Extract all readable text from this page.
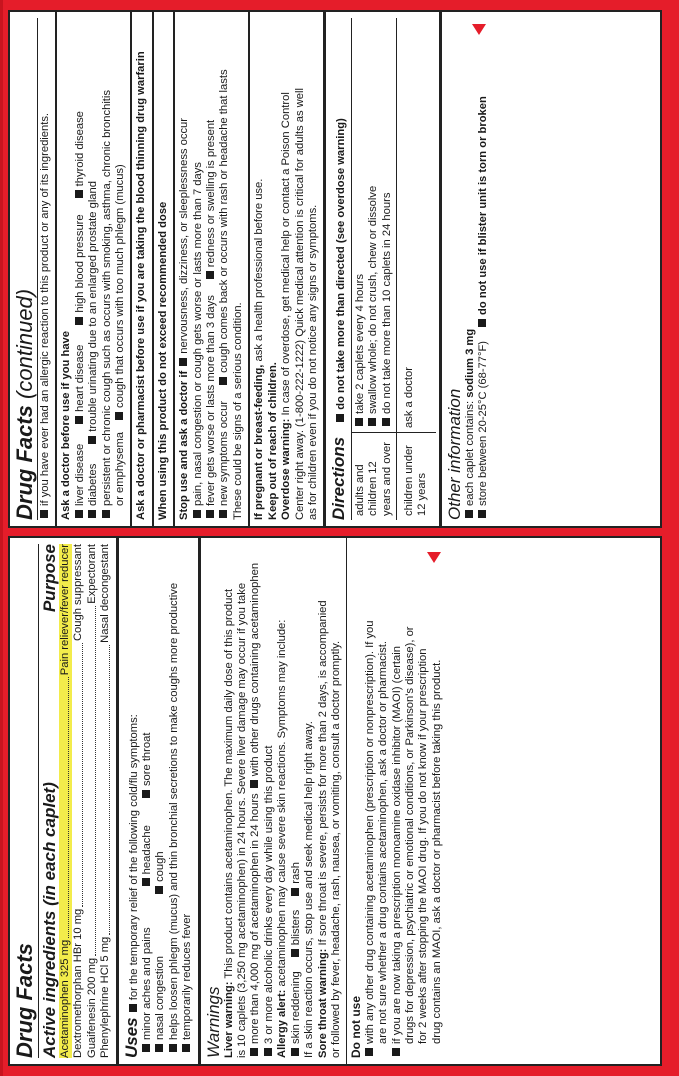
Drug Facts Active ingredients (in each caplet)
Purpose
Acetaminophen 325 mg
Pain reliever/fever reducer
Dextromethorphan HBr 10 mg
Cough suppressant
Guaifenesin 200 mg
Expectorant
Phenylephrine HCl 5 mg
Nasal decongestant
Uses for the temporary relief of the following cold/flu symptoms: minor aches and pains headache sore throat
nasal congestion cough helps loosen phlegm (mucus) and thin bronchial secretions to make coughs more productive temporarily reduces fever Warnings Liver warning: This product contains acetaminophen. The maximum daily dose of this product is 10 caplets (3,250 mg acetaminophen) in 24 hours. Severe liver damage may occur if you take more than 4,000 mg of acetaminophen in 24 hours with other drugs containing acetaminophen
3 or more alcoholic drinks every day while using this product Allergy alert: acetaminophen may cause severe skin reactions. Symptoms may include:
skin reddeningblistersrash If a skin reaction occurs, stop use and seek medical help right away. Sore throat warning: If sore throat is severe, persists for more than 2 days, is accompanied or followed by fever, headache, rash, nausea, or vomiting, consult a doctor promptly. Do not use with any other drug containing acetaminophen (prescription or nonprescription). If you are not sure whether a drug contains acetaminophen, ask a doctor or pharmacist. if you are now taking a prescription monoamine oxidase inhibitor (MAOI) (certain drugs for depression, psychiatric or emotional conditions, or Parkinson's disease), or for 2 weeks after stopping the MAOI drug. If you do not know if your prescription drug contains an MAOI, ask a doctor or pharmacist before taking this product.
Drug Facts (continued) if you have ever had an allergic reaction to this product or any of its ingredients. Ask a doctor before use if you have liver diseaseheart diseasehigh blood pressurethyroid disease
diabetestrouble urinating due to an enlarged prostate gland persistent or chronic cough such as occurs with smoking, asthma, chronic bronchitis or emphysemacough that occurs with too much phlegm (mucus) Ask a doctor or pharmacist before use if you are taking the blood thinning drug warfarin When using this product do not exceed recommended dose Stop use and ask a doctor if nervousness, dizziness, or sleeplessness occur pain, nasal congestion or cough gets worse or lasts more than 7 days fever gets worse or lasts more than 3 daysredness or swelling is present
new symptoms occurcough comes back or occurs with rash or headache that lasts
These could be signs of a serious condition. If pregnant or breast-feeding, ask a health professional before use.
Keep out of reach of children. Overdose warning: In case of overdose, get medical help or contact a Poison Control Center right away. (1-800-222-1222) Quick medical attention is critical for adults as well as for children even if you do not notice any signs or symptoms. Directions do not take more than directed (see overdose warning)
adults and children 12 years and over
take 2 caplets every 4 hours swallow whole; do not crush, chew or dissolve do not take more than 10 caplets in 24 hours
children under 12 years
ask a doctor	Other information each caplet contains: sodium 3 mg store between 20-25°C (68-77°F)do not use if blister unit is torn or broken
